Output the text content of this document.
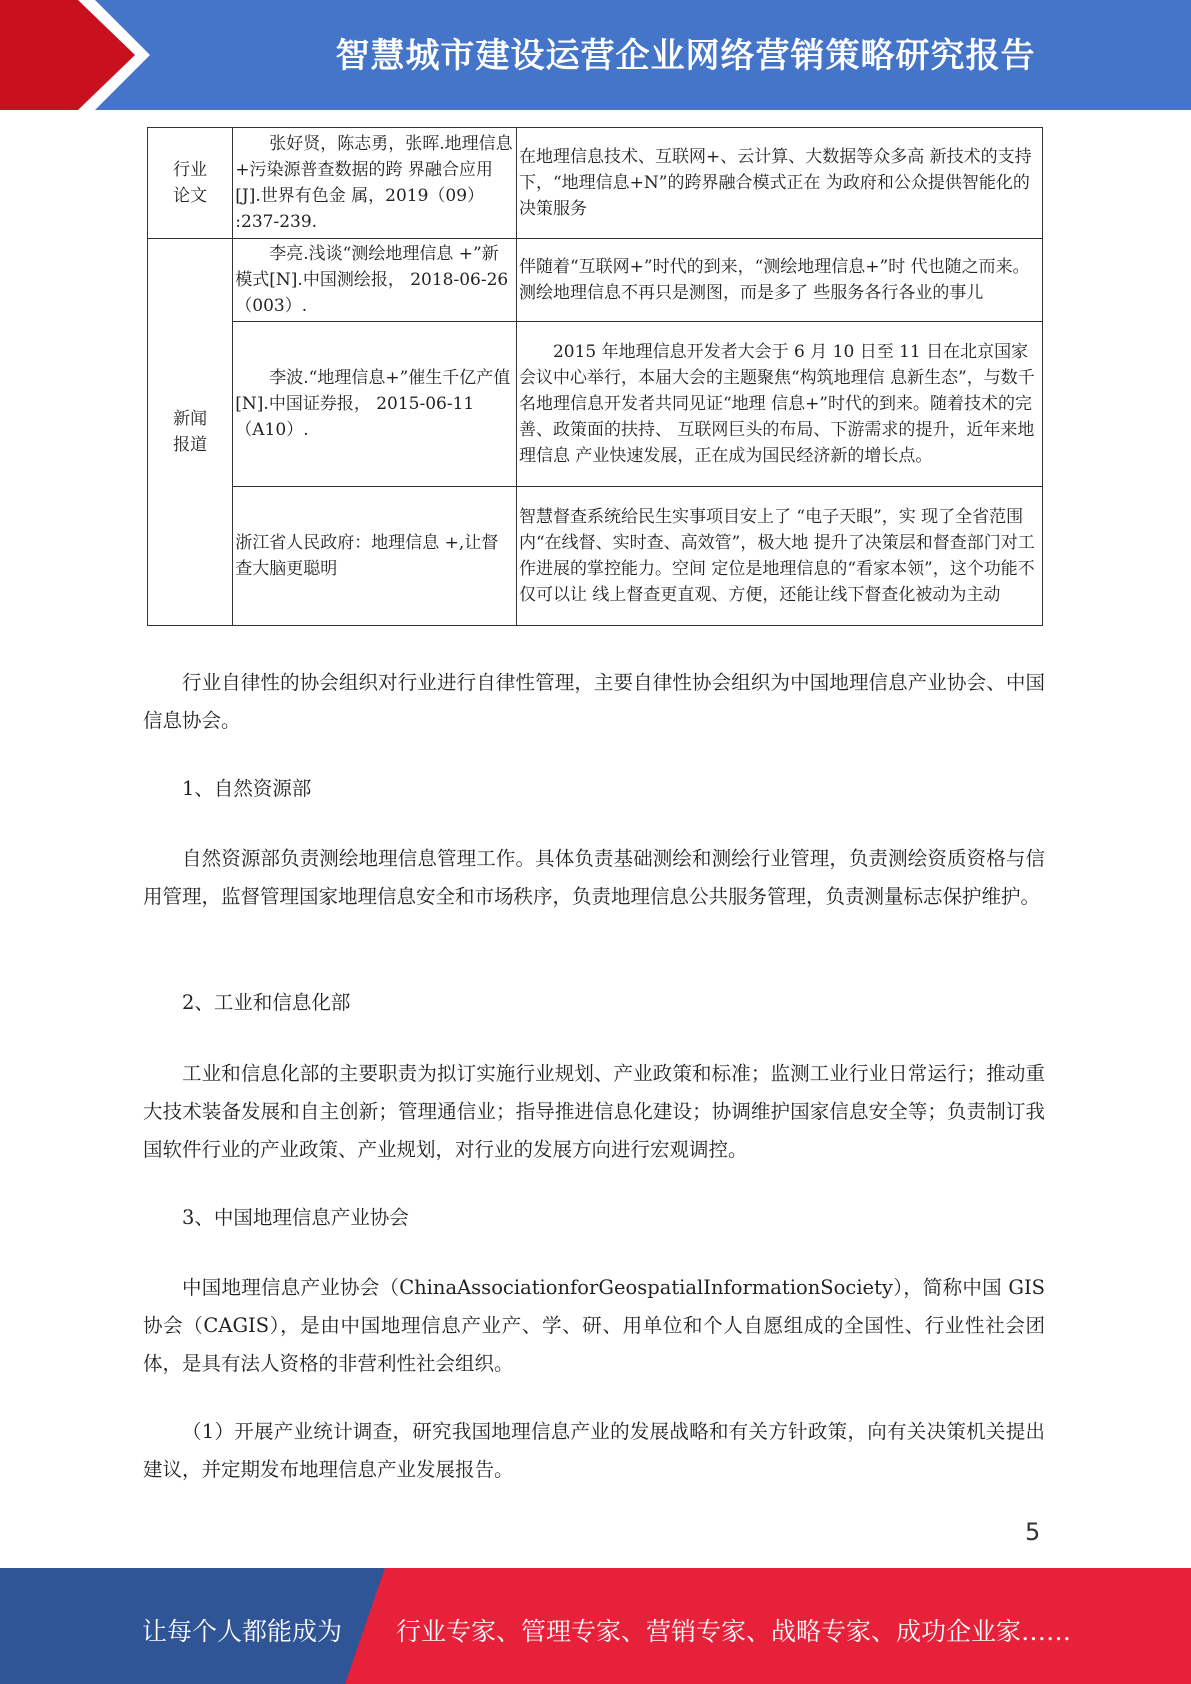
智慧城市建设运营企业网络营销策略研究报告
行业
论文	张好贤，陈志勇，张晖.地理信息+污染源普查数据的跨 界融合应用[J].世界有色金 属，2019（09） :237-239.	在地理信息技术、互联网+、云计算、大数据等众多高 新技术的支持下，“地理信息+N”的跨界融合模式正在 为政府和公众提供智能化的决策服务
新闻
报道	李亮.浅谈“测绘地理信息 +”新模式[N].中国测绘报， 2018-06-26 （003）.	伴随着“互联网+”时代的到来，“测绘地理信息+”时 代也随之而来。测绘地理信息不再只是测图，而是多了 些服务各行各业的事儿
	李波.“地理信息+”催生千亿产值[N].中国证券报， 2015-06-11（A10）.	2015 年地理信息开发者大会于 6 月 10 日至 11 日在北京国家会议中心举行，本届大会的主题聚焦“构筑地理信 息新生态”，与数千名地理信息开发者共同见证“地理 信息+”时代的到来。随着技术的完善、政策面的扶持、 互联网巨头的布局、下游需求的提升，近年来地理信息 产业快速发展，正在成为国民经济新的增长点。
	浙江省人民政府：地理信息 +,让督查大脑更聪明	智慧督查系统给民生实事项目安上了 “电子天眼”，实 现了全省范围内“在线督、实时查、高效管”，极大地 提升了决策层和督查部门对工作进展的掌控能力。空间 定位是地理信息的“看家本领”，这个功能不仅可以让 线上督查更直观、方便，还能让线下督查化被动为主动
行业自律性的协会组织对行业进行自律性管理，主要自律性协会组织为中国地理信息产业协会、中国信息协会。
1、自然资源部
自然资源部负责测绘地理信息管理工作。具体负责基础测绘和测绘行业管理，负责测绘资质资格与信用管理，监督管理国家地理信息安全和市场秩序，负责地理信息公共服务管理，负责测量标志保护维护。
2、工业和信息化部
工业和信息化部的主要职责为拟订实施行业规划、产业政策和标准；监测工业行业日常运行；推动重大技术装备发展和自主创新；管理通信业；指导推进信息化建设；协调维护国家信息安全等；负责制订我国软件行业的产业政策、产业规划，对行业的发展方向进行宏观调控。
3、中国地理信息产业协会
中国地理信息产业协会（ChinaAssociationforGeospatialInformationSociety），简称中国 GIS 协会（CAGIS），是由中国地理信息产业产、学、研、用单位和个人自愿组成的全国性、行业性社会团体，是具有法人资格的非营利性社会组织。
（1）开展产业统计调查，研究我国地理信息产业的发展战略和有关方针政策，向有关决策机关提出建议，并定期发布地理信息产业发展报告。
5
让每个人都能成为 行业专家、管理专家、营销专家、战略专家、成功企业家……
